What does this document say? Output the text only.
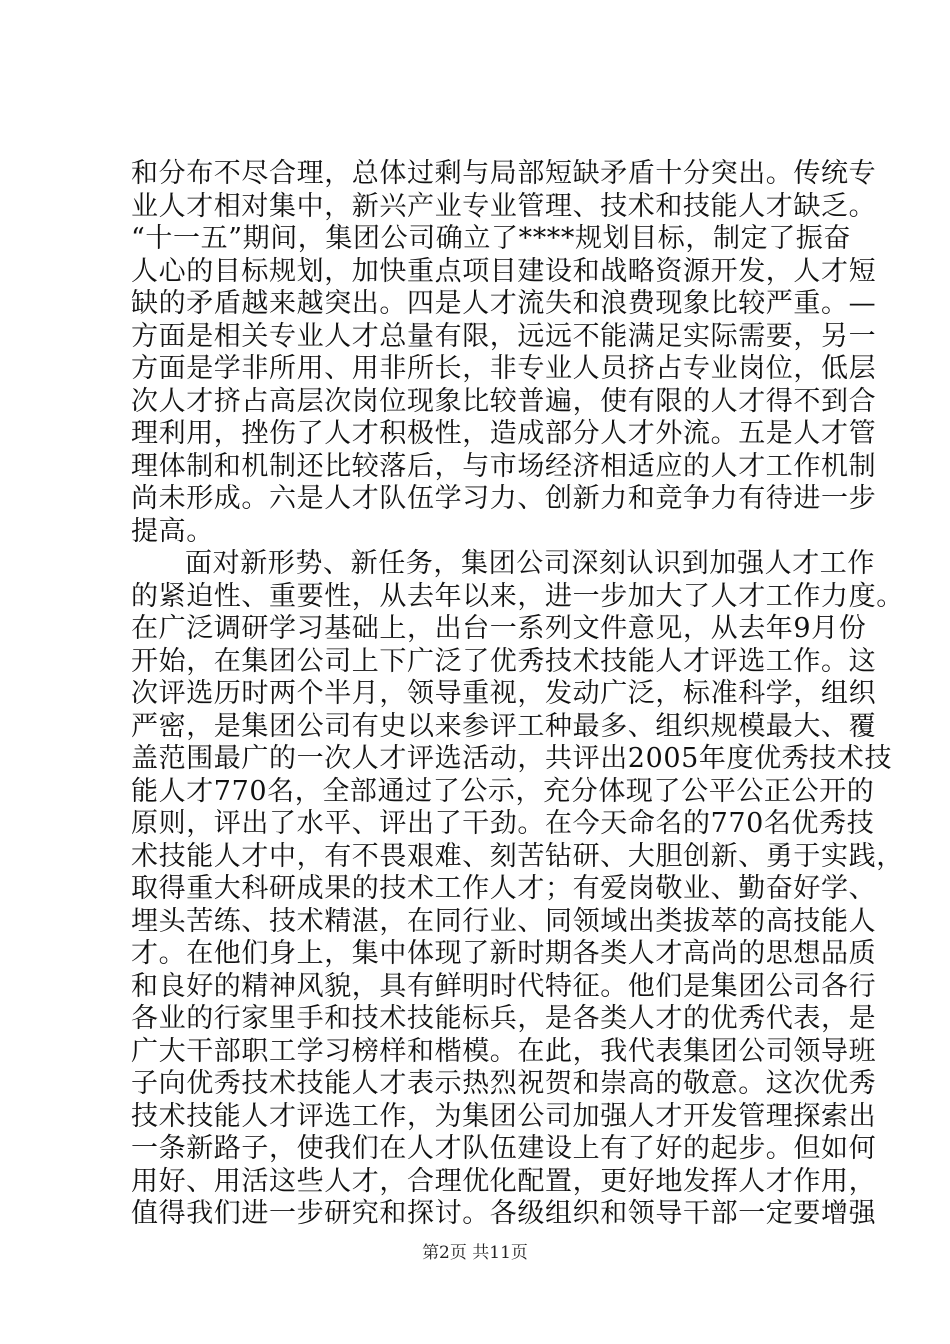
和分布不尽合理，总体过剩与局部短缺矛盾十分突出。传统专
业人才相对集中，新兴产业专业管理、技术和技能人才缺乏。
“十一五”期间，集团公司确立了****规划目标，制定了振奋
人心的目标规划，加快重点项目建设和战略资源开发，人才短
缺的矛盾越来越突出。四是人才流失和浪费现象比较严重。—
方面是相关专业人才总量有限，远远不能满足实际需要，另一
方面是学非所用、用非所长，非专业人员挤占专业岗位，低层
次人才挤占高层次岗位现象比较普遍，使有限的人才得不到合
理利用，挫伤了人才积极性，造成部分人才外流。五是人才管
理体制和机制还比较落后，与市场经济相适应的人才工作机制
尚未形成。六是人才队伍学习力、创新力和竞争力有待进一步
提高。
面对新形势、新任务，集团公司深刻认识到加强人才工作
的紧迫性、重要性，从去年以来，进一步加大了人才工作力度。
在广泛调研学习基础上，出台一系列文件意见，从去年9月份
开始，在集团公司上下广泛了优秀技术技能人才评选工作。这
次评选历时两个半月，领导重视，发动广泛，标准科学，组织
严密，是集团公司有史以来参评工种最多、组织规模最大、覆
盖范围最广的一次人才评选活动，共评出2005年度优秀技术技
能人才770名，全部通过了公示，充分体现了公平公正公开的
原则，评出了水平、评出了干劲。在今天命名的770名优秀技
术技能人才中，有不畏艰难、刻苦钻研、大胆创新、勇于实践，
取得重大科研成果的技术工作人才；有爱岗敬业、勤奋好学、
埋头苦练、技术精湛，在同行业、同领域出类拔萃的高技能人
才。在他们身上，集中体现了新时期各类人才高尚的思想品质
和良好的精神风貌，具有鲜明时代特征。他们是集团公司各行
各业的行家里手和技术技能标兵，是各类人才的优秀代表，是
广大干部职工学习榜样和楷模。在此，我代表集团公司领导班
子向优秀技术技能人才表示热烈祝贺和崇高的敬意。这次优秀
技术技能人才评选工作，为集团公司加强人才开发管理探索出
一条新路子，使我们在人才队伍建设上有了好的起步。但如何
用好、用活这些人才，合理优化配置，更好地发挥人才作用，
值得我们进一步研究和探讨。各级组织和领导干部一定要增强
第2页 共11页
